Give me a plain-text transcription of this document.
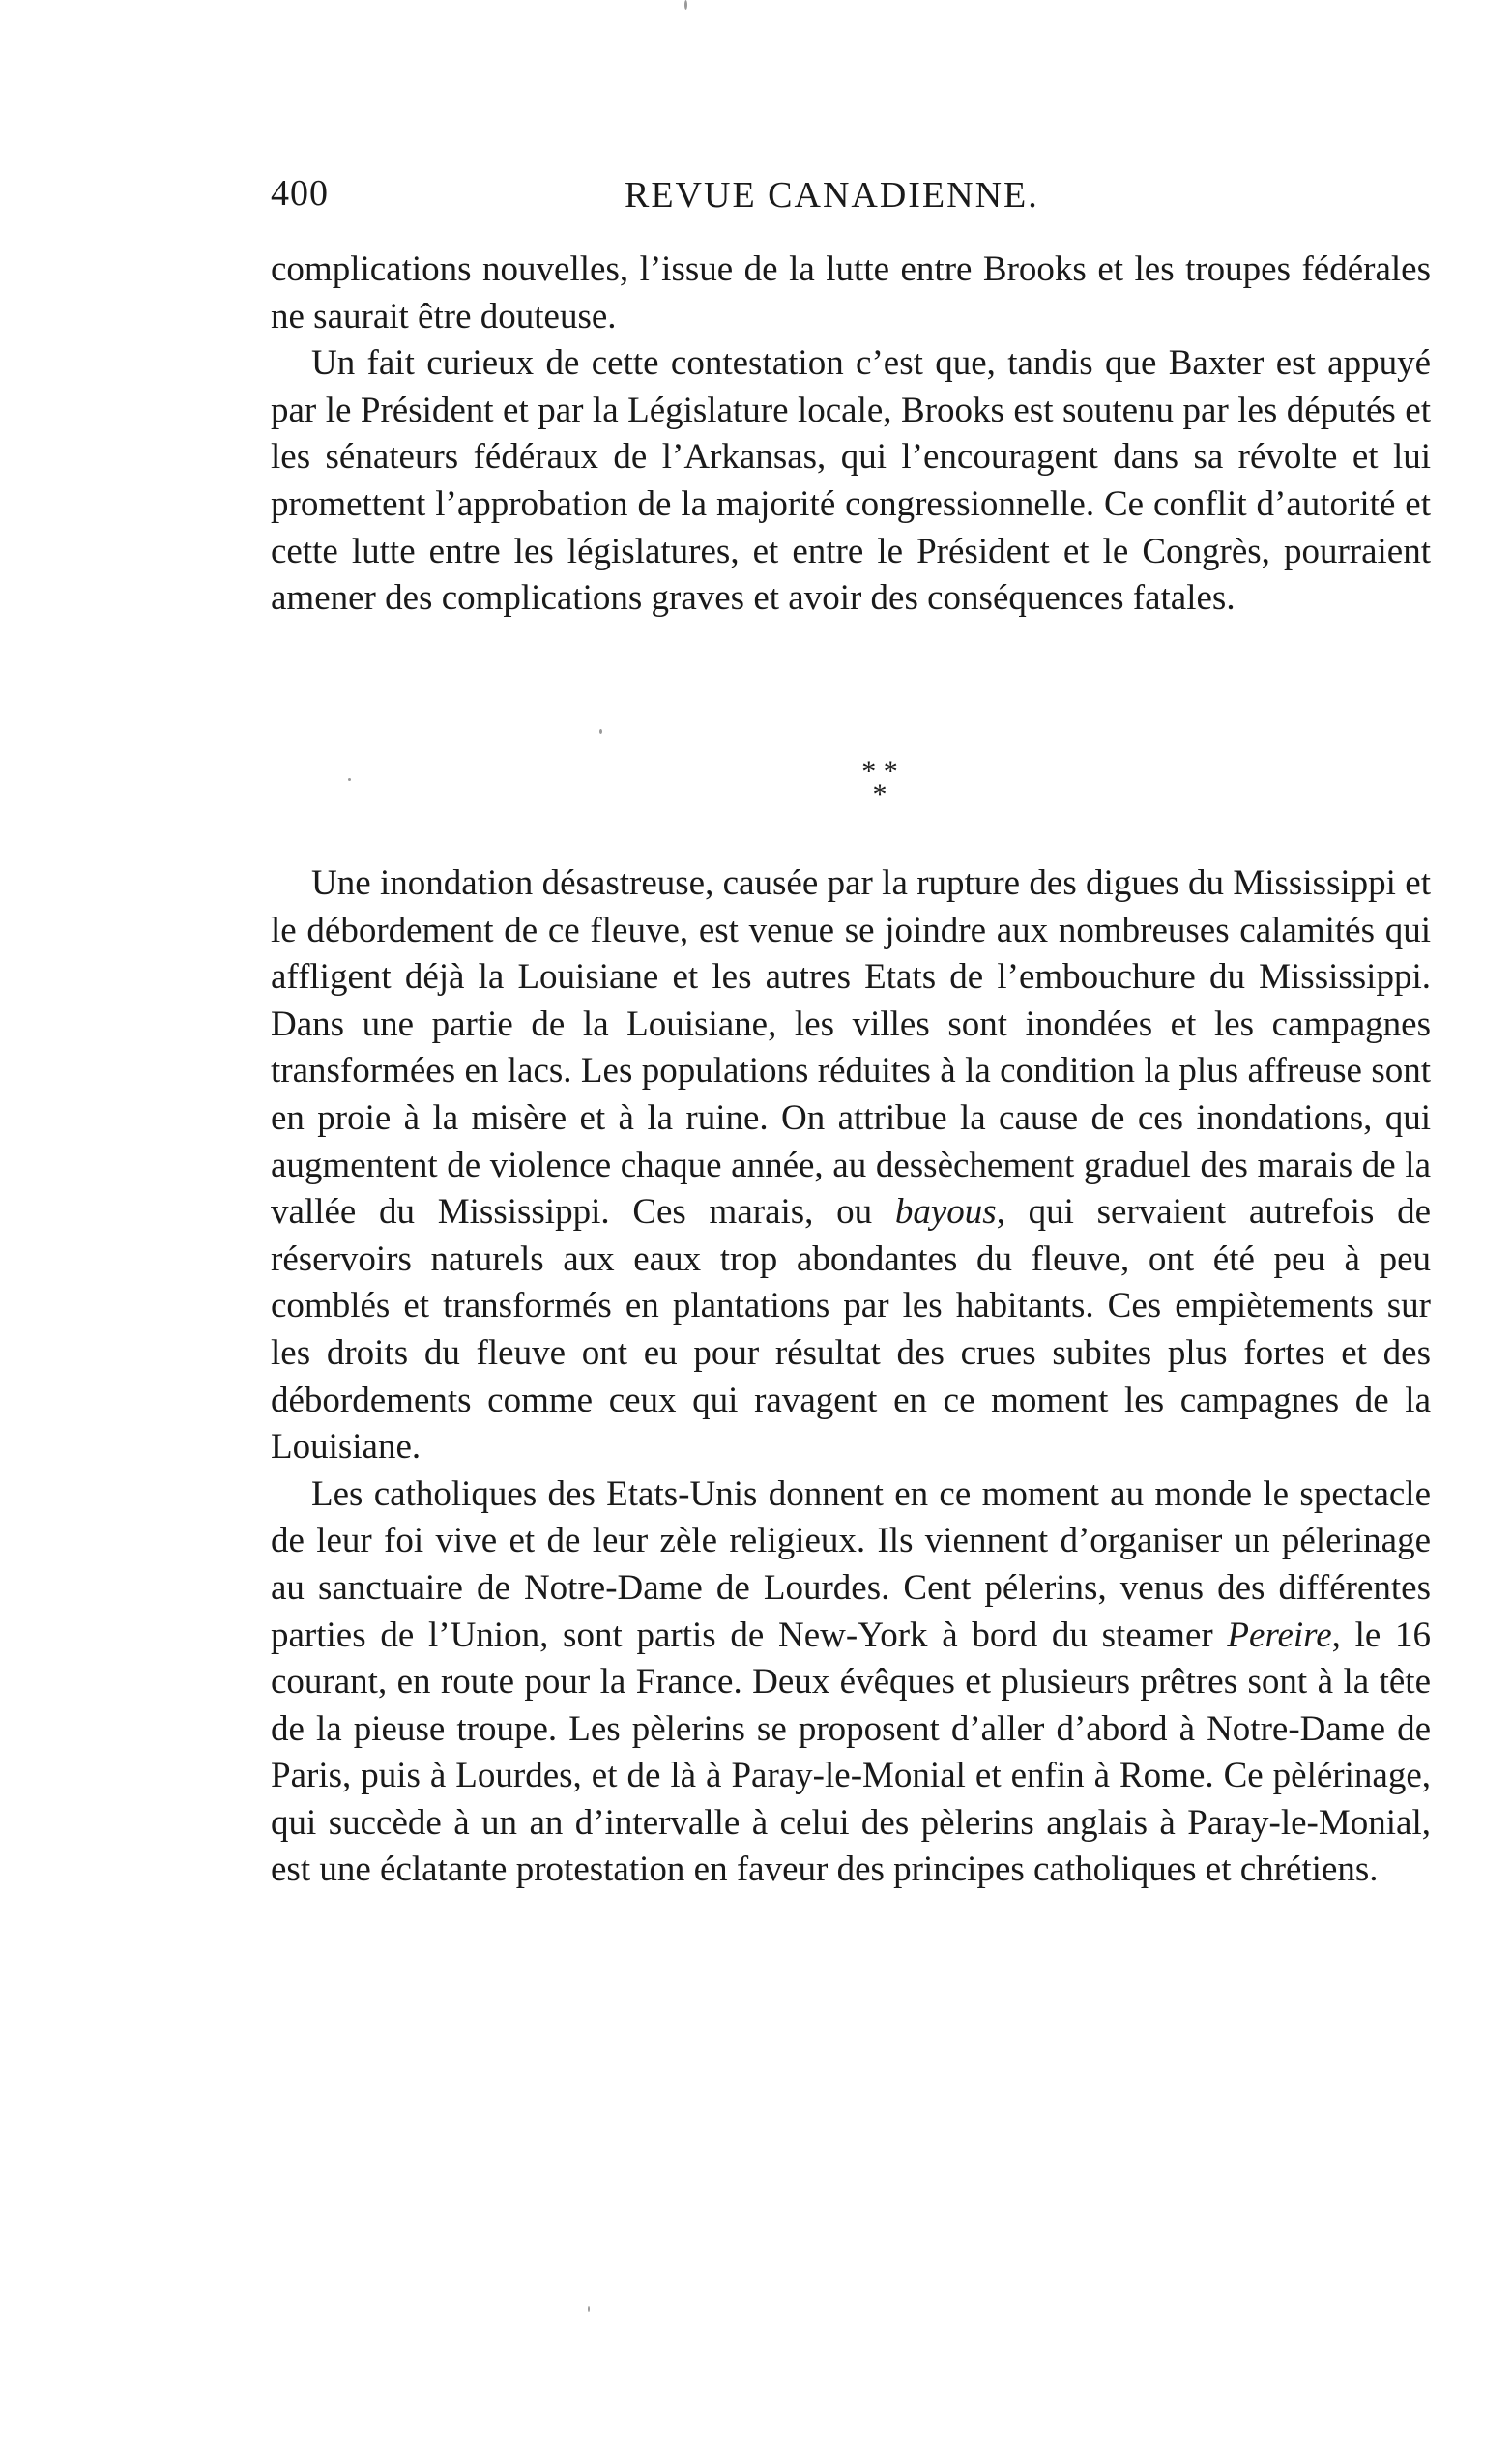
400	REVUE CANADIENNE.

complications nouvelles, l’issue de la lutte entre Brooks et les troupes fédérales ne saurait être douteuse.

Un fait curieux de cette contestation c’est que, tandis que Baxter est appuyé par le Président et par la Législature locale, Brooks est soutenu par les députés et les sénateurs fédéraux de l’Arkansas, qui l’encouragent dans sa révolte et lui promettent l’approbation de la majorité congressionnelle. Ce conflit d’autorité et cette lutte entre les législatures, et entre le Président et le Congrès, pourraient amener des complications graves et avoir des conséquences fatales.

* *
*

Une inondation désastreuse, causée par la rupture des digues du Mississippi et le débordement de ce fleuve, est venue se joindre aux nombreuses calamités qui affligent déjà la Louisiane et les autres Etats de l’embouchure du Mississippi. Dans une partie de la Louisiane, les villes sont inondées et les campagnes transformées en lacs. Les populations réduites à la condition la plus affreuse sont en proie à la misère et à la ruine. On attribue la cause de ces inondations, qui augmentent de violence chaque année, au dessèchement graduel des marais de la vallée du Mississippi. Ces marais, ou bayous, qui servaient autrefois de réservoirs naturels aux eaux trop abondantes du fleuve, ont été peu à peu comblés et transformés en plantations par les habitants. Ces empiètements sur les droits du fleuve ont eu pour résultat des crues subites plus fortes et des débordements comme ceux qui ravagent en ce moment les campagnes de la Louisiane.

Les catholiques des Etats-Unis donnent en ce moment au monde le spectacle de leur foi vive et de leur zèle religieux. Ils viennent d’organiser un pélerinage au sanctuaire de Notre-Dame de Lourdes. Cent pélerins, venus des différentes parties de l’Union, sont partis de New-York à bord du steamer Pereire, le 16 courant, en route pour la France. Deux évêques et plusieurs prêtres sont à la tête de la pieuse troupe. Les pèlerins se proposent d’aller d’abord à Notre-Dame de Paris, puis à Lourdes, et de là à Paray-le-Monial et enfin à Rome. Ce pèlérinage, qui succède à un an d’intervalle à celui des pèlerins anglais à Paray-le-Monial, est une éclatante protestation en faveur des principes catholiques et chrétiens.
